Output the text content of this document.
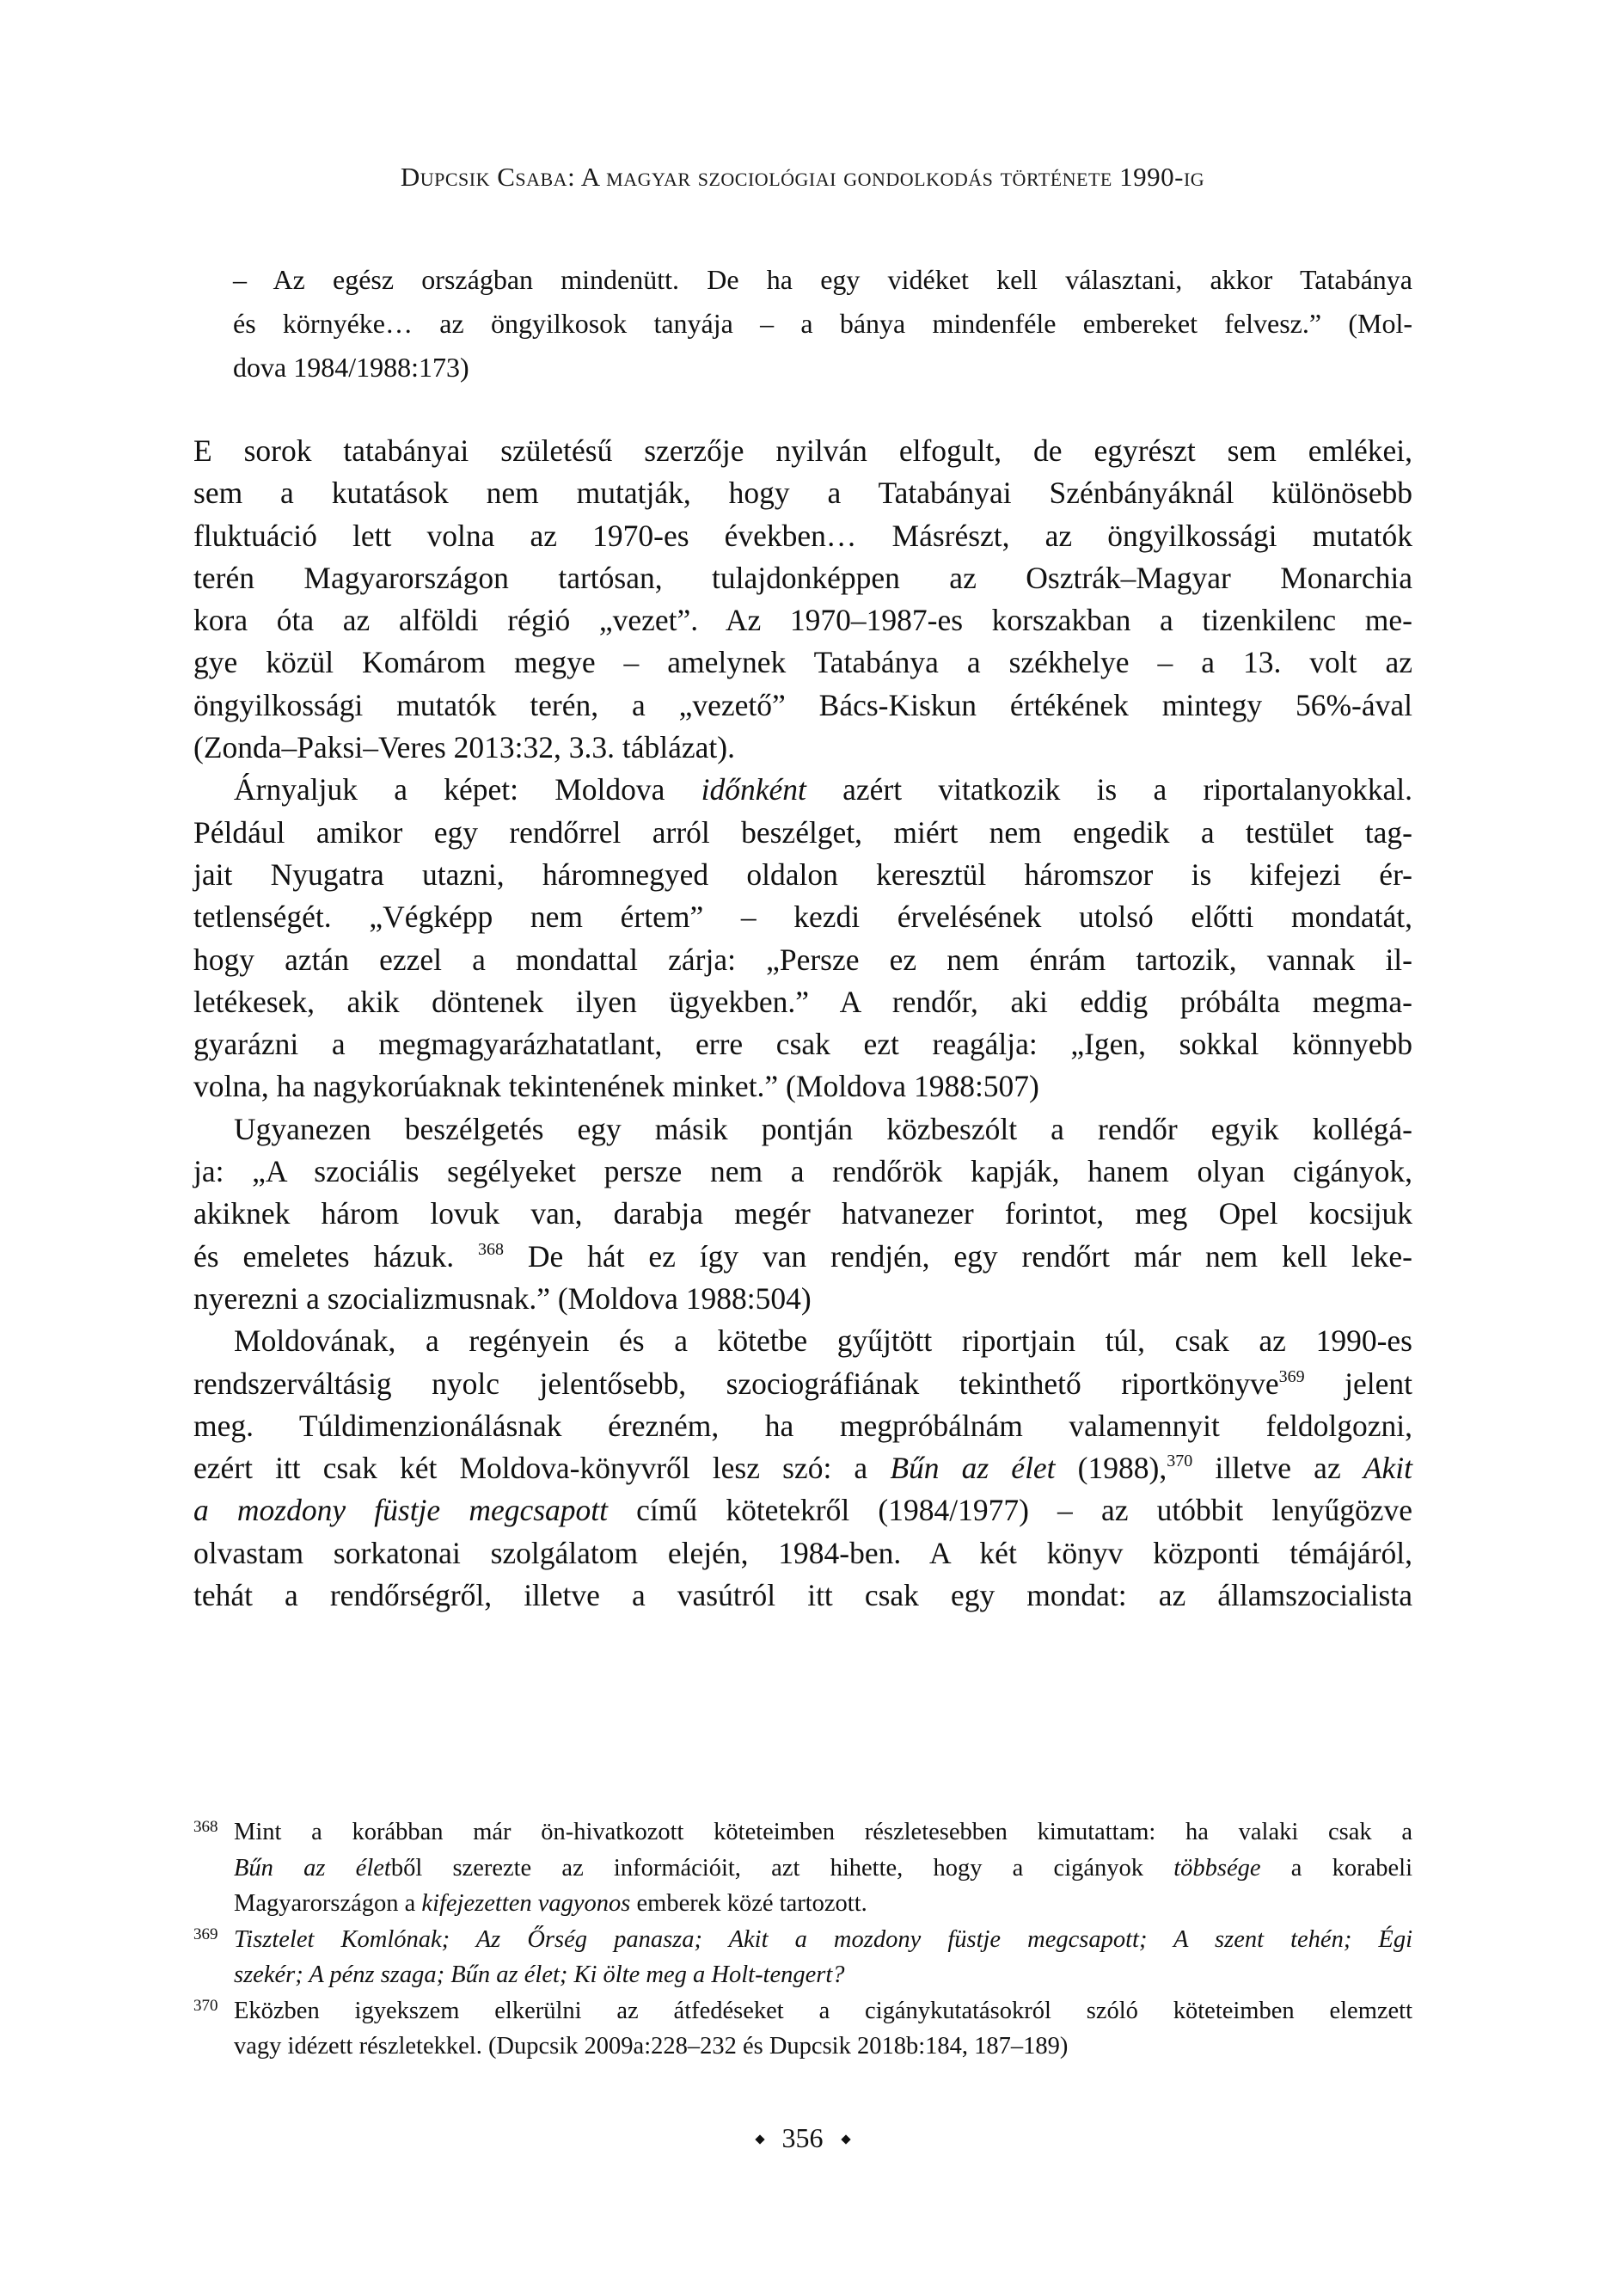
Dupcsik Csaba: A magyar szociológiai gondolkodás története 1990-ig
– Az egész országban mindenütt. De ha egy vidéket kell választani, akkor Tatabánya
és környéke… az öngyilkosok tanyája – a bánya mindenféle embereket felvesz.” (Mol-
dova 1984/1988:173)
E sorok tatabányai születésű szerzője nyilván elfogult, de egyrészt sem emlékei,
sem a kutatások nem mutatják, hogy a Tatabányai Szénbányáknál különösebb
fluktuáció lett volna az 1970-es években… Másrészt, az öngyilkossági mutatók
terén Magyarországon tartósan, tulajdonképpen az Osztrák–Magyar Monarchia
kora óta az alföldi régió „vezet”. Az 1970–1987-es korszakban a tizenkilenc me-
gye közül Komárom megye – amelynek Tatabánya a székhelye – a 13. volt az
öngyilkossági mutatók terén, a „vezető” Bács-Kiskun értékének mintegy 56%-ával
(Zonda–Paksi–Veres 2013:32, 3.3. táblázat).
Árnyaljuk a képet: Moldova időnként azért vitatkozik is a riportalanyokkal.
Például amikor egy rendőrrel arról beszélget, miért nem engedik a testület tag-
jait Nyugatra utazni, háromnegyed oldalon keresztül háromszor is kifejezi ér-
tetlenségét. „Végképp nem értem” – kezdi érvelésének utolsó előtti mondatát,
hogy aztán ezzel a mondattal zárja: „Persze ez nem énrám tartozik, vannak il-
letékesek, akik döntenek ilyen ügyekben.” A rendőr, aki eddig próbálta megma-
gyarázni a megmagyarázhatatlant, erre csak ezt reagálja: „Igen, sokkal könnyebb
volna, ha nagykorúaknak tekintenének minket.” (Moldova 1988:507)
Ugyanezen beszélgetés egy másik pontján közbeszólt a rendőr egyik kollégá-
ja: „A szociális segélyeket persze nem a rendőrök kapják, hanem olyan cigányok,
akiknek három lovuk van, darabja megér hatvanezer forintot, meg Opel kocsijuk
és emeletes házuk. $^{368}$ De hát ez így van rendjén, egy rendőrt már nem kell leke-
nyerezni a szocializmusnak.” (Moldova 1988:504)
Moldovának, a regényein és a kötetbe gyűjtött riportjain túl, csak az 1990-es
rendszerváltásig nyolc jelentősebb, szociográfiának tekinthető riportkönyve$^{369}$ jelent
meg. Túldimenzionálásnak érezném, ha megpróbálnám valamennyit feldolgozni,
ezért itt csak két Moldova-könyvről lesz szó: a Bűn az élet (1988),$^{370}$ illetve az Akit
a mozdony füstje megcsapott című kötetekről (1984/1977) – az utóbbit lenyűgözve
olvastam sorkatonai szolgálatom elején, 1984-ben. A két könyv központi témájáról,
tehát a rendőrségről, illetve a vasútról itt csak egy mondat: az államszocialista
368 Mint a korábban már ön-hivatkozott köteteimben részletesebben kimutattam: ha valaki csak a
Bűn az életből szerezte az információit, azt hihette, hogy a cigányok többsége a korabeli
Magyarországon a kifejezetten vagyonos emberek közé tartozott.
369 Tisztelet Komlónak; Az Őrség panasza; Akit a mozdony füstje megcsapott; A szent tehén; Égi
szekér; A pénz szaga; Bűn az élet; Ki ölte meg a Holt-tengert?
370 Eközben igyekszem elkerülni az átfedéseket a cigánykutatásokról szóló köteteimben elemzett
vagy idézett részletekkel. (Dupcsik 2009a:228–232 és Dupcsik 2018b:184, 187–189)
356
